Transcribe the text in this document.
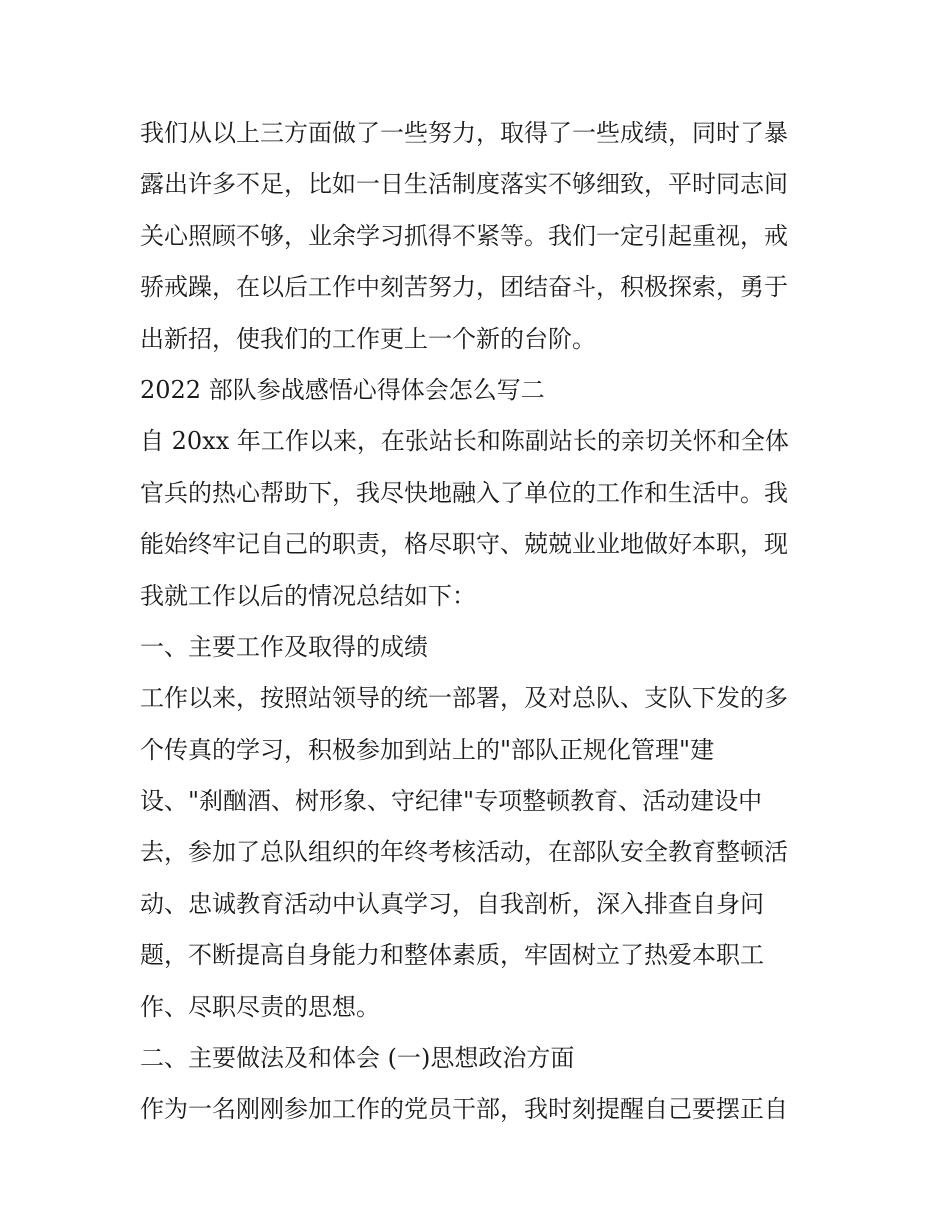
我们从以上三方面做了一些努力，取得了一些成绩，同时了暴
露出许多不足，比如一日生活制度落实不够细致，平时同志间
关心照顾不够，业余学习抓得不紧等。我们一定引起重视，戒
骄戒躁，在以后工作中刻苦努力，团结奋斗，积极探索，勇于
出新招，使我们的工作更上一个新的台阶。
2022 部队参战感悟心得体会怎么写二
自 20xx 年工作以来，在张站长和陈副站长的亲切关怀和全体
官兵的热心帮助下，我尽快地融入了单位的工作和生活中。我
能始终牢记自己的职责，格尽职守、兢兢业业地做好本职，现
我就工作以后的情况总结如下：
一、主要工作及取得的成绩
工作以来，按照站领导的统一部署，及对总队、支队下发的多
个传真的学习，积极参加到站上的"部队正规化管理"建
设、"刹酗酒、树形象、守纪律"专项整顿教育、活动建设中
去，参加了总队组织的年终考核活动，在部队安全教育整顿活
动、忠诚教育活动中认真学习，自我剖析，深入排查自身问
题，不断提高自身能力和整体素质，牢固树立了热爱本职工
作、尽职尽责的思想。
二、主要做法及和体会 (一)思想政治方面
作为一名刚刚参加工作的党员干部，我时刻提醒自己要摆正自
